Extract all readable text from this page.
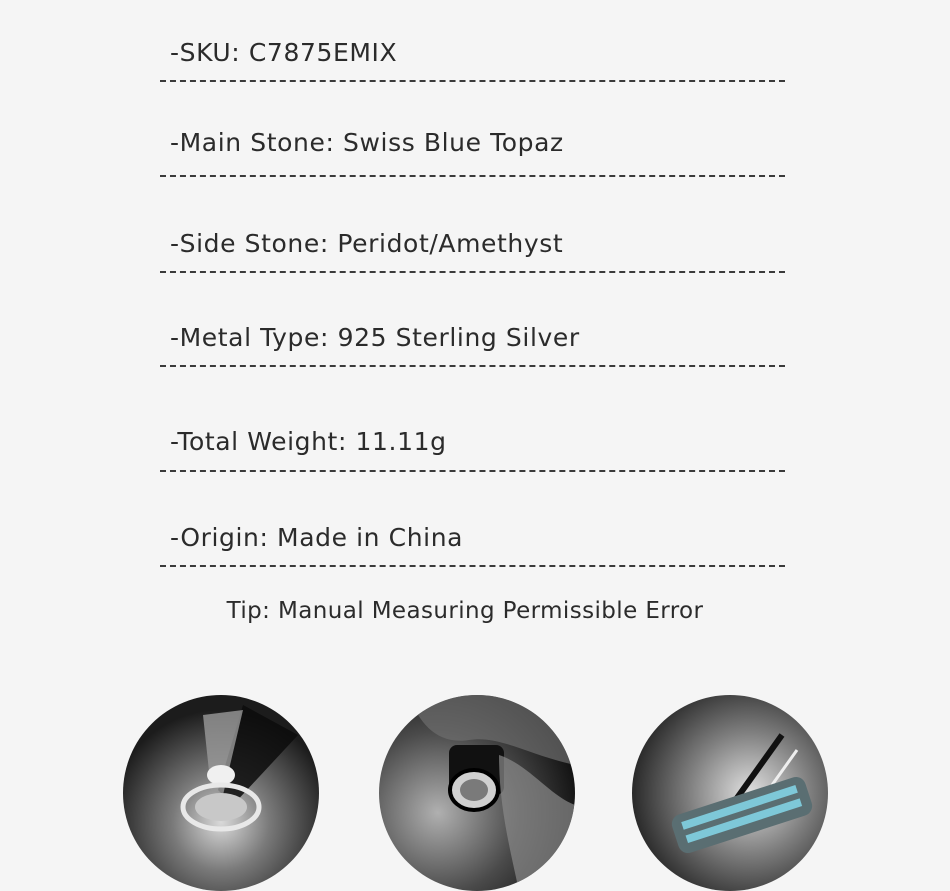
-SKU: C7875EMIX
-Main Stone: Swiss Blue Topaz
-Side Stone: Peridot/Amethyst
-Metal Type: 925 Sterling Silver
-Total Weight: 11.11g
-Origin: Made in China
Tip: Manual Measuring Permissible Error
